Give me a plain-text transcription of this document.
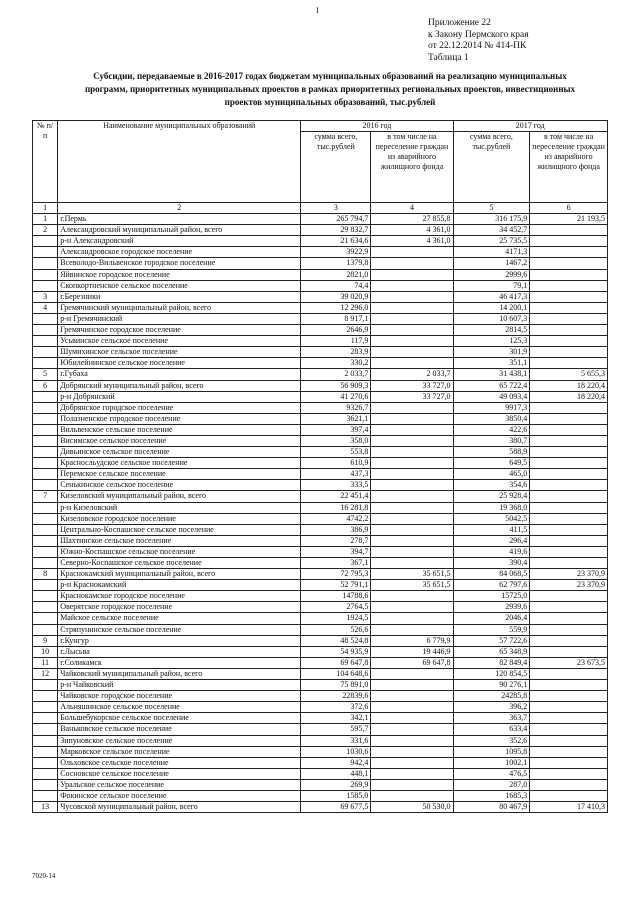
I
Приложение 22
к Закону Пермского края
от 22.12.2014 № 414-ПК
Таблица 1
Субсидии, передаваемые в 2016-2017 годах бюджетам муниципальных образований на реализацию муниципальных
программ, приоритетных муниципальных проектов в рамках приоритетных региональных проектов, инвестиционных
проектов муниципальных образований, тыс.рублей
№ п/п	Наименование муниципальных образований	2016 год		2017 год	
		сумма всего, тыс.рублей	в том числе на переселение граждан из аварийного жилищного фонда	сумма всего, тыс.рублей	в том числе на переселение граждан из аварийного жилищного фонда
1	2	3	4	5	6
1	г.Пермь	265 794,7	27 855,8	316 175,9	21 193,5
2	Александровский муниципальный район, всего	29 832,7	4 361,0	34 452,7	
	р-н Александровский	21 634,6	4 361,0	25 735,5	
	Александровское городское поселение	3922,9		4171,3	
	Всеволодо-Вильвенское городское поселение	1379,8		1467,2	
	Яйвинское городское поселение	2821,0		2999,6	
	Скопкортненское сельское поселение	74,4		79,1	
3	г.Березники	39 020,9		46 417,3	
4	Гремячинский муниципальный район, всего	12 296,0		14 200,1	
	р-н Гремячинский	8 917,1		10 607,3	
	Гремячинское городское поселение	2646,9		2814,5	
	Усьвинское сельское поселение	117,9		125,3	
	Шумихинское сельское поселение	283,9		301,9	
	Юбилейнинское сельское поселение	330,2		351,1	
5	г.Губаха	2 033,7	2 033,7	31 438,1	5 655,3
6	Добрянский муниципальный район, всего	56 909,3	33 727,0	65 722,4	18 220,4
	р-н Добрянский	41 270,6	33 727,0	49 093,4	18 220,4
	Добрянское городское поселение	9326,7		9917,3	
	Полазненское городское поселение	3621,1		3850,4	
	Вильвенское сельское поселение	397,4		422,6	
	Висимское сельское поселение	358,0		380,7	
	Дивьинское сельское поселение	553,8		588,9	
	Красносльудское сельское поселение	610,9		649,5	
	Перемское сельское поселение	437,3		465,0	
	Сенькинское сельское поселение	333,5		354,6	
7	Кизеловский муниципальный район, всего	22 451,4		25 928,4	
	р-н Кизеловский	16 281,8		19 368,0	
	Кизеловское городское поселение	4742,2		5042,5	
	Центрально-Коспашское сельское поселение	386,9		411,5	
	Шахтинское сельское поселение	278,7		296,4	
	Южно-Коспашское сельское поселение	394,7		419,6	
	Северно-Коспашское сельское поселение	367,1		390,4	
8	Краснокамский муниципальный район, всего	72 795,3	35 651,5	84 068,5	23 370,9
	р-н Краснокамский	52 791,1	35 651,5	62 797,6	23 370,9
	Краснокамское городское поселение	14788,6		15725,0	
	Оверятское городское поселение	2764,5		2939,6	
	Майское сельское поселение	1924,5		2046,4	
	Стряпунинское сельское поселение	526,6		559,9	
9	г.Кунгур	48 524,8	6 779,9	57 722,6	
10	г.Лысьва	54 935,9	19 446,9	65 348,9	
11	г.Соликамск	69 647,8	69 647,8	82 849,4	23 673,5
12	Чайковский муниципальный район, всего	104 648,6		120 854,5	
	р-н Чайковский	75 891,0		90 276,1	
	Чайковское городское поселение	22839,6		24285,8	
	Альняшинское сельское поселение	372,6		396,2	
	Большебукорское сельское поселение	342,1		363,7	
	Ваньковское сельское поселение	595,7		633,4	
	Зипуновское сельское поселение	331,6		352,6	
	Марковское сельское поселение	1030,6		1095,8	
	Ольховское сельское поселение	942,4		1002,1	
	Сосновское сельское поселение	448,1		476,5	
	Уральское сельское поселение	269,9		287,0	
	Фокинское сельское поселение	1585,0		1685,3	
13	Чусовской муниципальный район, всего	69 677,5	50 530,0	80 467,9	17 410,3
7020-14
